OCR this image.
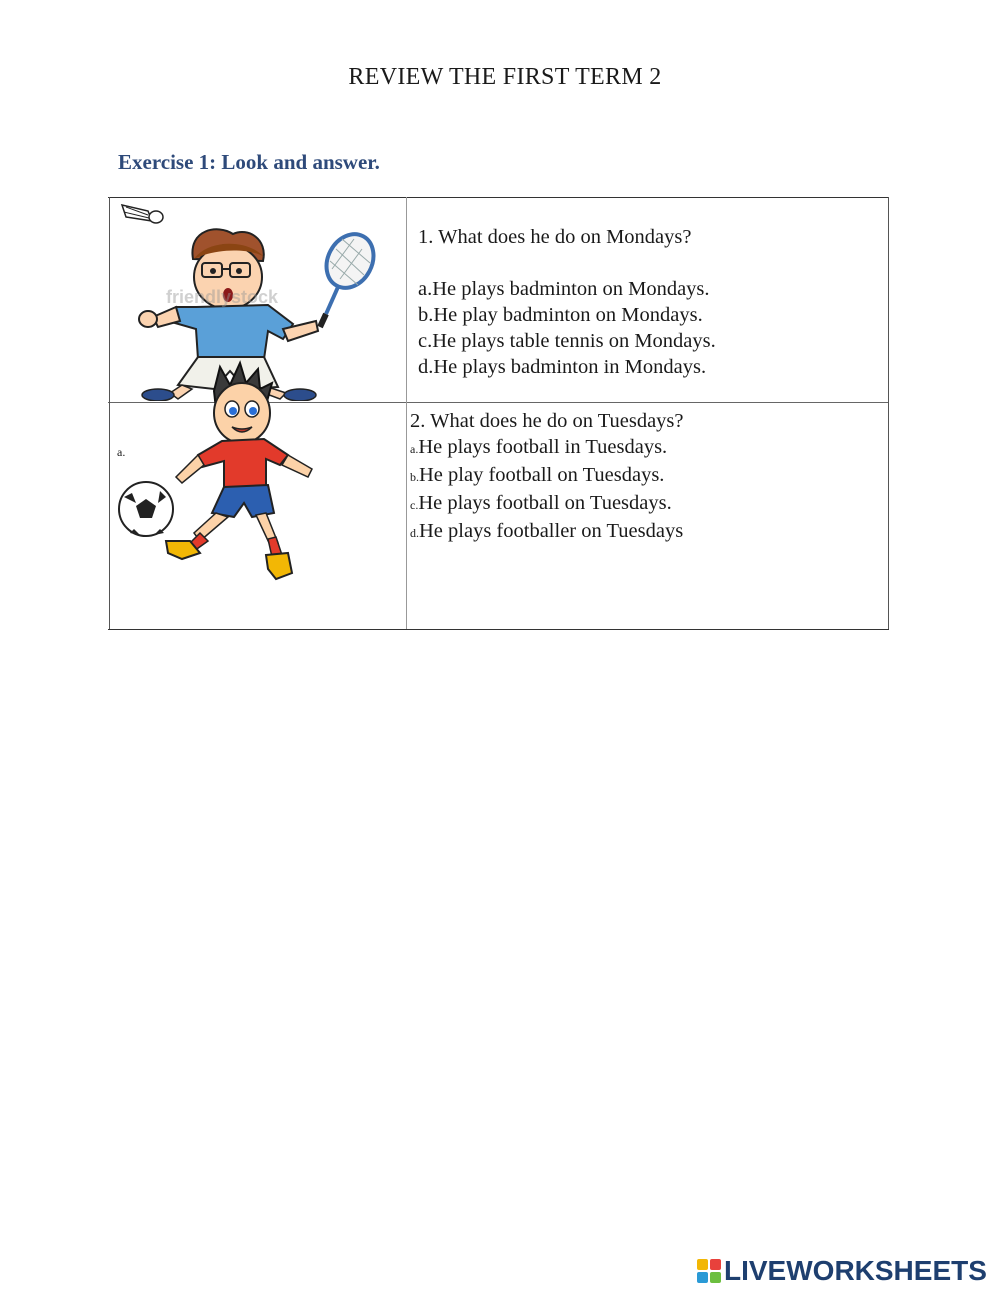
REVIEW THE FIRST TERM 2
Exercise 1: Look and answer.
friendlystock
1. What does he do on Mondays?
a.He plays badminton on Mondays.
b.He play badminton on Mondays.
c.He plays table tennis on Mondays.
d.He plays badminton in Mondays.
a.
2. What does he do on Tuesdays?
a.He plays football in Tuesdays.
b.He play football on Tuesdays.
c.He plays football on Tuesdays.
d.He plays footballer on Tuesdays
LIVEWORKSHEETS
